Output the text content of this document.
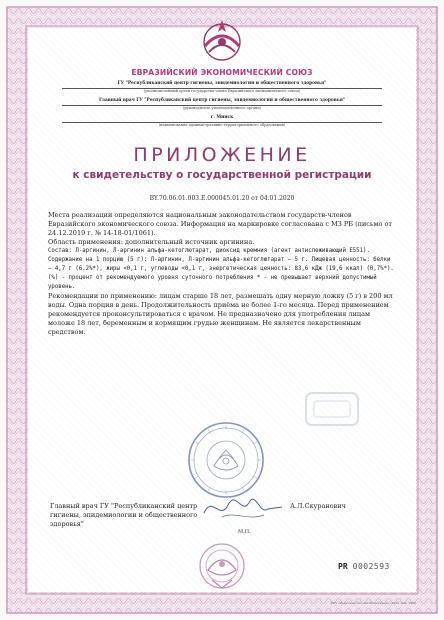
ЕВРАЗИЙСКИЙ ЭКОНОМИЧЕСКИЙ СОЮЗ
ГУ "Республиканский центр гигиены, эпидемиологии и общественного здоровья"
(уполномоченный орган государства-члена Евразийского экономического союза)
Главный врач ГУ "Республиканский центр гигиены, эпидемиологии и общественного здоровья"
(руководитель уполномоченного органа)
г. Минск
(наименование административно-территориального образования)
ПРИЛОЖЕНИЕ
к свидетельству о государственной регистрации
BY.70.06.01.003.E.000045.01.20 от 04.01.2020

Места реализации определяются национальным законодательством государств-членов Евразийского экономического союза. Информация на маркировке согласована с МЗ РБ (письмо от 24.12.2019 г. № 14-18-01/1061).

Область применения: дополнительный источник аргинина.

Состав: Л-аргинин, Л-аргинин альфа-кетоглютарат, диоксид кремния (агент антислеживающий Е551). Содержание на 1 порцию (5 г): Л-аргинин, Л-аргинин альфа-кетоглютарат – 5 г. Пищевая ценность: белки – 4,7 г (6.2%*), жиры <0,1 г, углеводы <0,1 г, энергетическая ценность: 83,6 кДж (19,6 ккал) (0,7%*). (%) - процент от рекомендуемого уровня суточного потребления * - не превышает верхний допустимый уровень.

Рекомендации по применению: лицам старше 18 лет, размешать одну мерную ложку (5 г) в 200 мл воды. Одна порция в день. Продолжительность приёма не более 1-го месяца. Перед применением рекомендуется проконсультироваться с врачом. Не предназначено для употребления лицам моложе 18 лет, беременным и кормящим грудью женщинам. Не является лекарственным средством.

Главный врач ГУ "Республиканский центр гигиены, эпидемиологии и общественного здоровья"
А.Л.Скуранович
М.П.
PR 0002593
РУП «Издательство «Белбланкавыд», 2019. Зак. 3085
